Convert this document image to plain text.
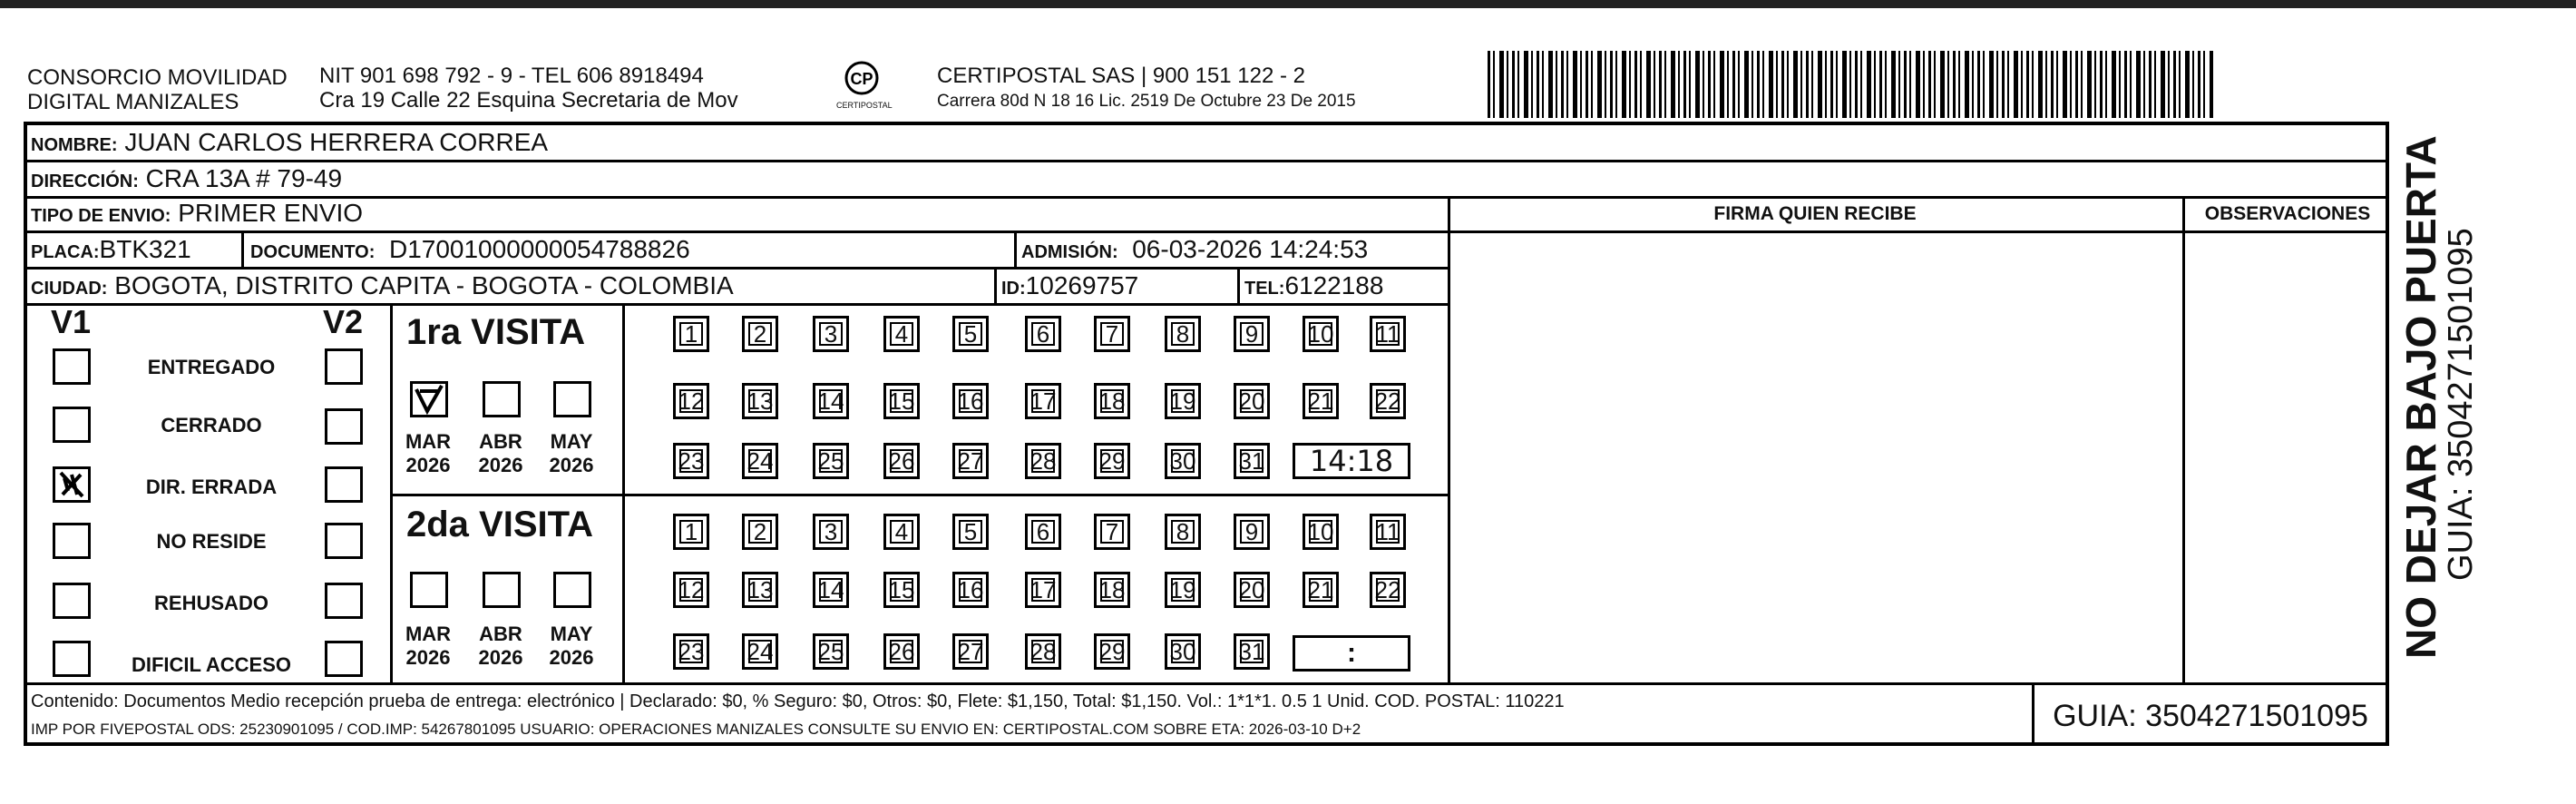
CONSORCIO MOVILIDAD
DIGITAL MANIZALES
NIT 901 698 792 - 9 - TEL 606 8918494
Cra 19 Calle 22 Esquina Secretaria de Mov
CP
CERTIPOSTAL
CERTIPOSTAL SAS | 900 151 122 - 2
Carrera 80d N 18 16 Lic. 2519 De Octubre 23 De 2015
NOMBRE: JUAN CARLOS HERRERA CORREA
DIRECCIÓN: CRA 13A # 79-49
TIPO DE ENVIO: PRIMER ENVIO
PLACA:BTK321	DOCUMENTO: D17001000000054788826	ADMISIÓN: 06-03-2026 14:24:53
CIUDAD: BOGOTA, DISTRITO CAPITA - BOGOTA - COLOMBIA	ID:10269757	TEL:6122188
FIRMA QUIEN RECIBE	OBSERVACIONES
V1	V2
ENTREGADO
CERRADO
DIR. ERRADA
NO RESIDE
REHUSADO
DIFICIL ACCESO
1ra VISITA
2da VISITA
MAR
2026
ABR
2026
MAY
2026
MAR
2026
ABR
2026
MAY
2026
1	2	3	4	5	6	7	8	9	10 11
12 13 14 15 16 17 18 19 20 21 22
23 24 25 26 27 28 29 30 31
1	2	3	4	5	6	7	8	9	10 11
12 13 14 15 16 17 18 19 20 21 22
23 24 25 26 27 28 29 30 31
14:18
:
Contenido: Documentos Medio recepción prueba de entrega: electrónico | Declarado: $0, % Seguro: $0, Otros: $0, Flete: $1,150, Total: $1,150. Vol.: 1*1*1. 0.5 1 Unid. COD. POSTAL: 110221
IMP POR FIVEPOSTAL ODS: 25230901095 / COD.IMP: 54267801095 USUARIO: OPERACIONES MANIZALES CONSULTE SU ENVIO EN: CERTIPOSTAL.COM SOBRE ETA: 2026-03-10 D+2	GUIA: 3504271501095
NO DEJAR BAJO PUERTA
GUIA: 3504271501095
